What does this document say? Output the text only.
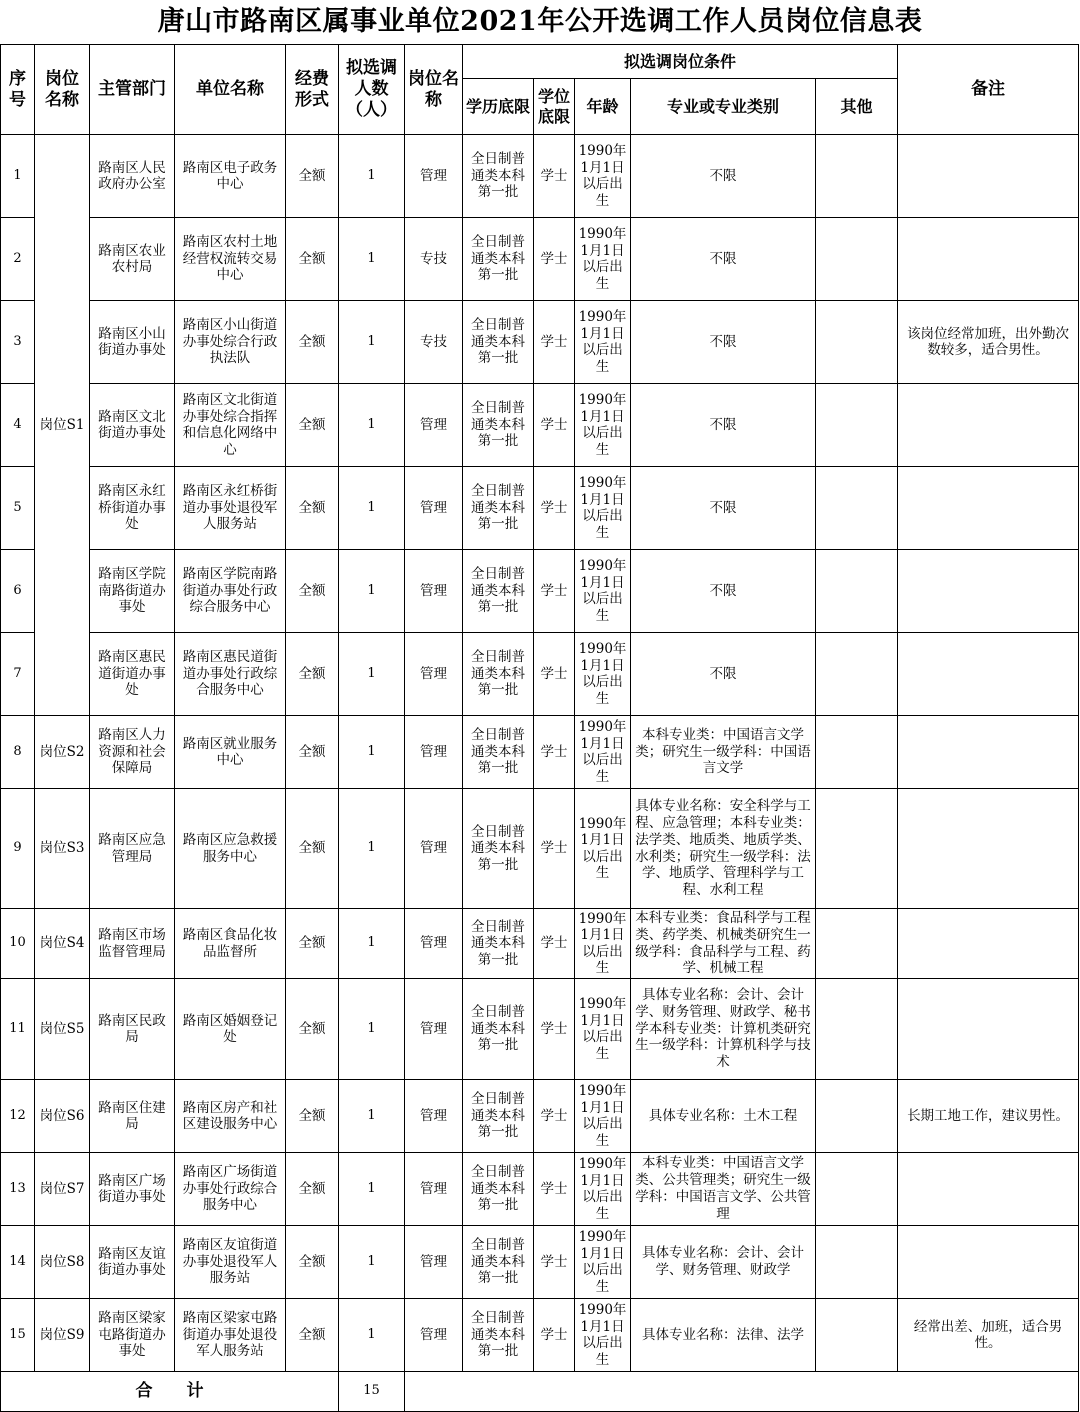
唐山市路南区属事业单位2021年公开选调工作人员岗位信息表
序号	岗位名称	主管部门	单位名称	经费形式	拟选调人数（人）	岗位名称	拟选调岗位条件					备注
							学历底限	学位底限	年龄	专业或专业类别	其他	
1	岗位S1	路南区人民政府办公室	路南区电子政务中心	全额	1	管理	全日制普通类本科第一批	学士	1990年1月1日以后出生	不限		
2		路南区农业农村局	路南区农村土地经营权流转交易中心	全额	1	专技	全日制普通类本科第一批	学士	1990年1月1日以后出生	不限		
3		路南区小山街道办事处	路南区小山街道办事处综合行政执法队	全额	1	专技	全日制普通类本科第一批	学士	1990年1月1日以后出生	不限		该岗位经常加班，出外勤次数较多，适合男性。
4		路南区文北街道办事处	路南区文北街道办事处综合指挥和信息化网络中心	全额	1	管理	全日制普通类本科第一批	学士	1990年1月1日以后出生	不限		
5		路南区永红桥街道办事处	路南区永红桥街道办事处退役军人服务站	全额	1	管理	全日制普通类本科第一批	学士	1990年1月1日以后出生	不限		
6		路南区学院南路街道办事处	路南区学院南路街道办事处行政综合服务中心	全额	1	管理	全日制普通类本科第一批	学士	1990年1月1日以后出生	不限		
7		路南区惠民道街道办事处	路南区惠民道街道办事处行政综合服务中心	全额	1	管理	全日制普通类本科第一批	学士	1990年1月1日以后出生	不限		
8	岗位S2	路南区人力资源和社会保障局	路南区就业服务中心	全额	1	管理	全日制普通类本科第一批	学士	1990年1月1日以后出生	本科专业类：中国语言文学类；研究生一级学科：中国语言文学		
9	岗位S3	路南区应急管理局	路南区应急救援服务中心	全额	1	管理	全日制普通类本科第一批	学士	1990年1月1日以后出生	具体专业名称：安全科学与工程、应急管理；本科专业类：法学类、地质类、地质学类、水利类；研究生一级学科：法学、地质学、管理科学与工程、水利工程		
10	岗位S4	路南区市场监督管理局	路南区食品化妆品监督所	全额	1	管理	全日制普通类本科第一批	学士	1990年1月1日以后出生	本科专业类：食品科学与工程类、药学类、机械类研究生一级学科：食品科学与工程、药学、机械工程		
11	岗位S5	路南区民政局	路南区婚姻登记处	全额	1	管理	全日制普通类本科第一批	学士	1990年1月1日以后出生	具体专业名称：会计、会计学、财务管理、财政学、秘书学本科专业类：计算机类研究生一级学科：计算机科学与技术		
12	岗位S6	路南区住建局	路南区房产和社区建设服务中心	全额	1	管理	全日制普通类本科第一批	学士	1990年1月1日以后出生	具体专业名称：土木工程		长期工地工作，建议男性。
13	岗位S7	路南区广场街道办事处	路南区广场街道办事处行政综合服务中心	全额	1	管理	全日制普通类本科第一批	学士	1990年1月1日以后出生	本科专业类：中国语言文学类、公共管理类；研究生一级学科：中国语言文学、公共管理		
14	岗位S8	路南区友谊街道办事处	路南区友谊街道办事处退役军人服务站	全额	1	管理	全日制普通类本科第一批	学士	1990年1月1日以后出生	具体专业名称：会计、会计学、财务管理、财政学		
15	岗位S9	路南区梁家屯路街道办事处	路南区梁家屯路街道办事处退役军人服务站	全额	1	管理	全日制普通类本科第一批	学士	1990年1月1日以后出生	具体专业名称：法律、法学		经常出差、加班，适合男性。
合　　计					15							
